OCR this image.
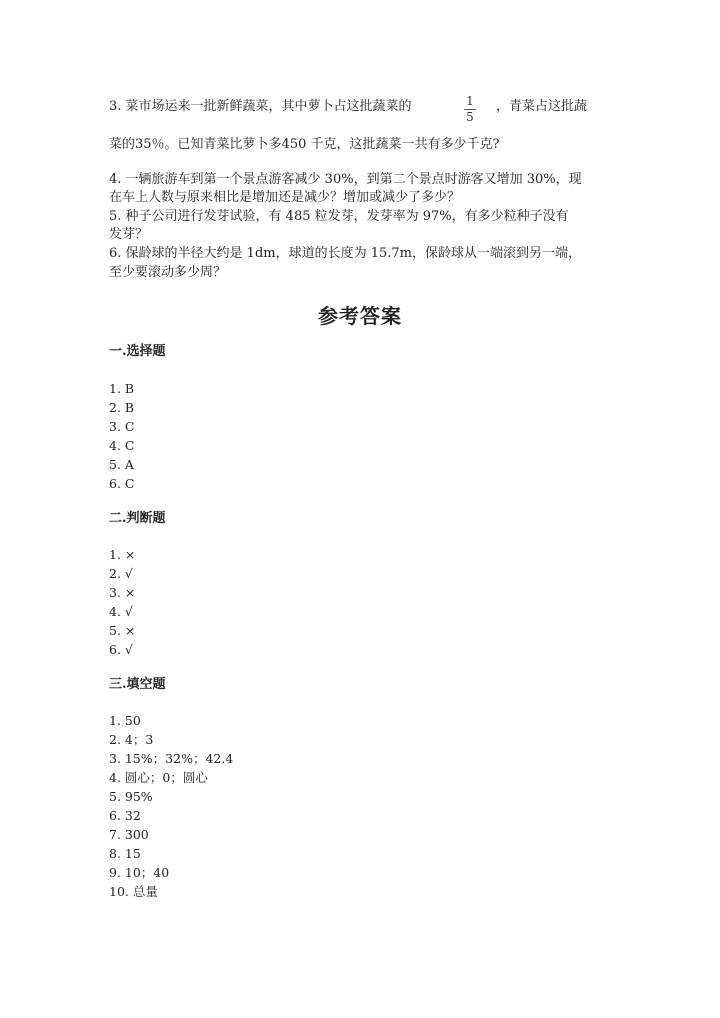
3. 菜市场运来一批新鲜蔬菜，其中萝卜占这批蔬菜的	1
5
，青菜占这批蔬
菜的35％。已知青菜比萝卜多450 千克，这批蔬菜一共有多少千克?
4. 一辆旅游车到第一个景点游客减少 30%，到第二个景点时游客又增加 30%，现
在车上人数与原来相比是增加还是减少？增加或减少了多少？
5. 种子公司进行发芽试验，有 485 粒发芽，发芽率为 97%，有多少粒种子没有
发芽？
6. 保龄球的半径大约是 1dm，球道的长度为 15.7m，保龄球从一端滚到另一端，
至少要滚动多少周？
参考答案
一.选择题
1. B
2. B
3. C
4. C
5. A
6. C
二.判断题
1. ×
2. √
3. ×
4. √
5. ×
6. √
三.填空题
1. 50
2. 4；3
3. 15%；32%；42.4
4. 圆心；0；圆心
5. 95%
6. 32
7. 300
8. 15
9. 10；40
10. 总量
